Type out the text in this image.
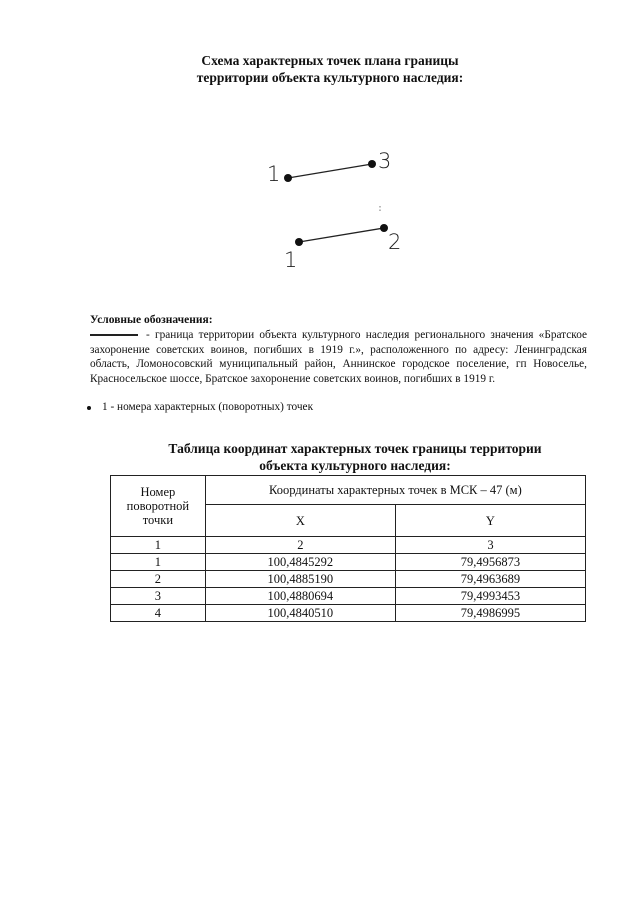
Схема характерных точек плана границы
территории объекта культурного наследия:
1
3
1
2
Условные обозначения:
- граница территории объекта культурного наследия регионального значения «Братское захоронение советских воинов, погибших в 1919 г.», расположенного по адресу: Ленинградская область, Ломоносовский муниципальный район, Аннинское городское поселение, гп Новоселье, Красносельское шоссе, Братское захоронение советских воинов, погибших в 1919 г.
1 - номера характерных (поворотных) точек
Таблица координат характерных точек границы территории
объекта культурного наследия:
Номер
поворотной
точки	Координаты характерных точек в МСК – 47 (м)	
	X	Y
1	2	3
1	100,4845292	79,4956873
2	100,4885190	79,4963689
3	100,4880694	79,4993453
4	100,4840510	79,4986995
